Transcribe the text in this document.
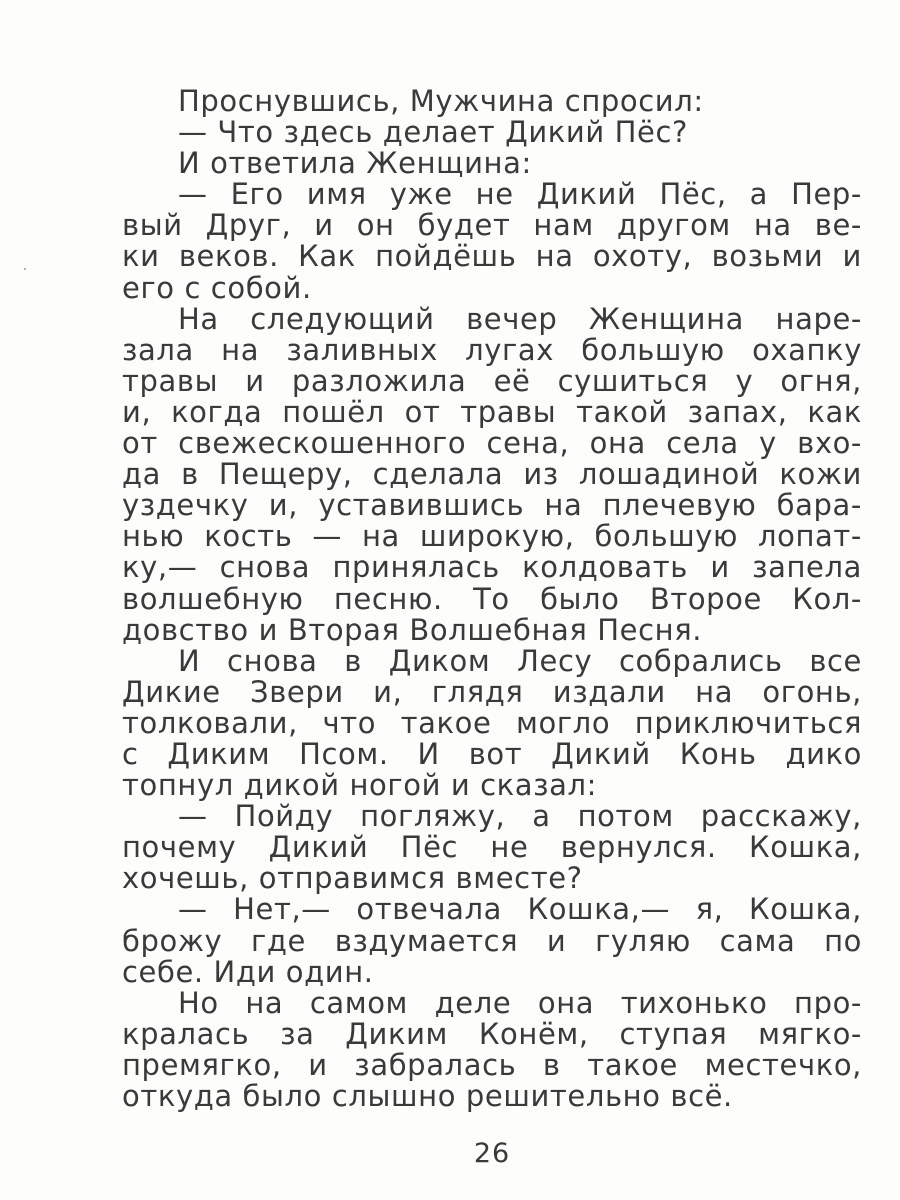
Проснувшись, Мужчина спросил:
— Что здесь делает Дикий Пёс?
И ответила Женщина:
— Его имя уже не Дикий Пёс, а Пер-
вый Друг, и он будет нам другом на ве-
ки веков. Как пойдёшь на охоту, возьми и
его с собой.
На следующий вечер Женщина наре-
зала на заливных лугах большую охапку
травы и разложила её сушиться у огня,
и, когда пошёл от травы такой запах, как
от свежескошенного сена, она села у вхо-
да в Пещеру, сделала из лошадиной кожи
уздечку и, уставившись на плечевую бара-
нью кость — на широкую, большую лопат-
ку,— снова принялась колдовать и запела
волшебную песню. То было Второе Кол-
довство и Вторая Волшебная Песня.
И снова в Диком Лесу собрались все
Дикие Звери и, глядя издали на огонь,
толковали, что такое могло приключиться
с Диким Псом. И вот Дикий Конь дико
топнул дикой ногой и сказал:
— Пойду погляжу, а потом расскажу,
почему Дикий Пёс не вернулся. Кошка,
хочешь, отправимся вместе?
— Нет,— отвечала Кошка,— я, Кошка,
брожу где вздумается и гуляю сама по
себе. Иди один.
Но на самом деле она тихонько про-
кралась за Диким Конём, ступая мягко-
премягко, и забралась в такое местечко,
откуда было слышно решительно всё.
26
